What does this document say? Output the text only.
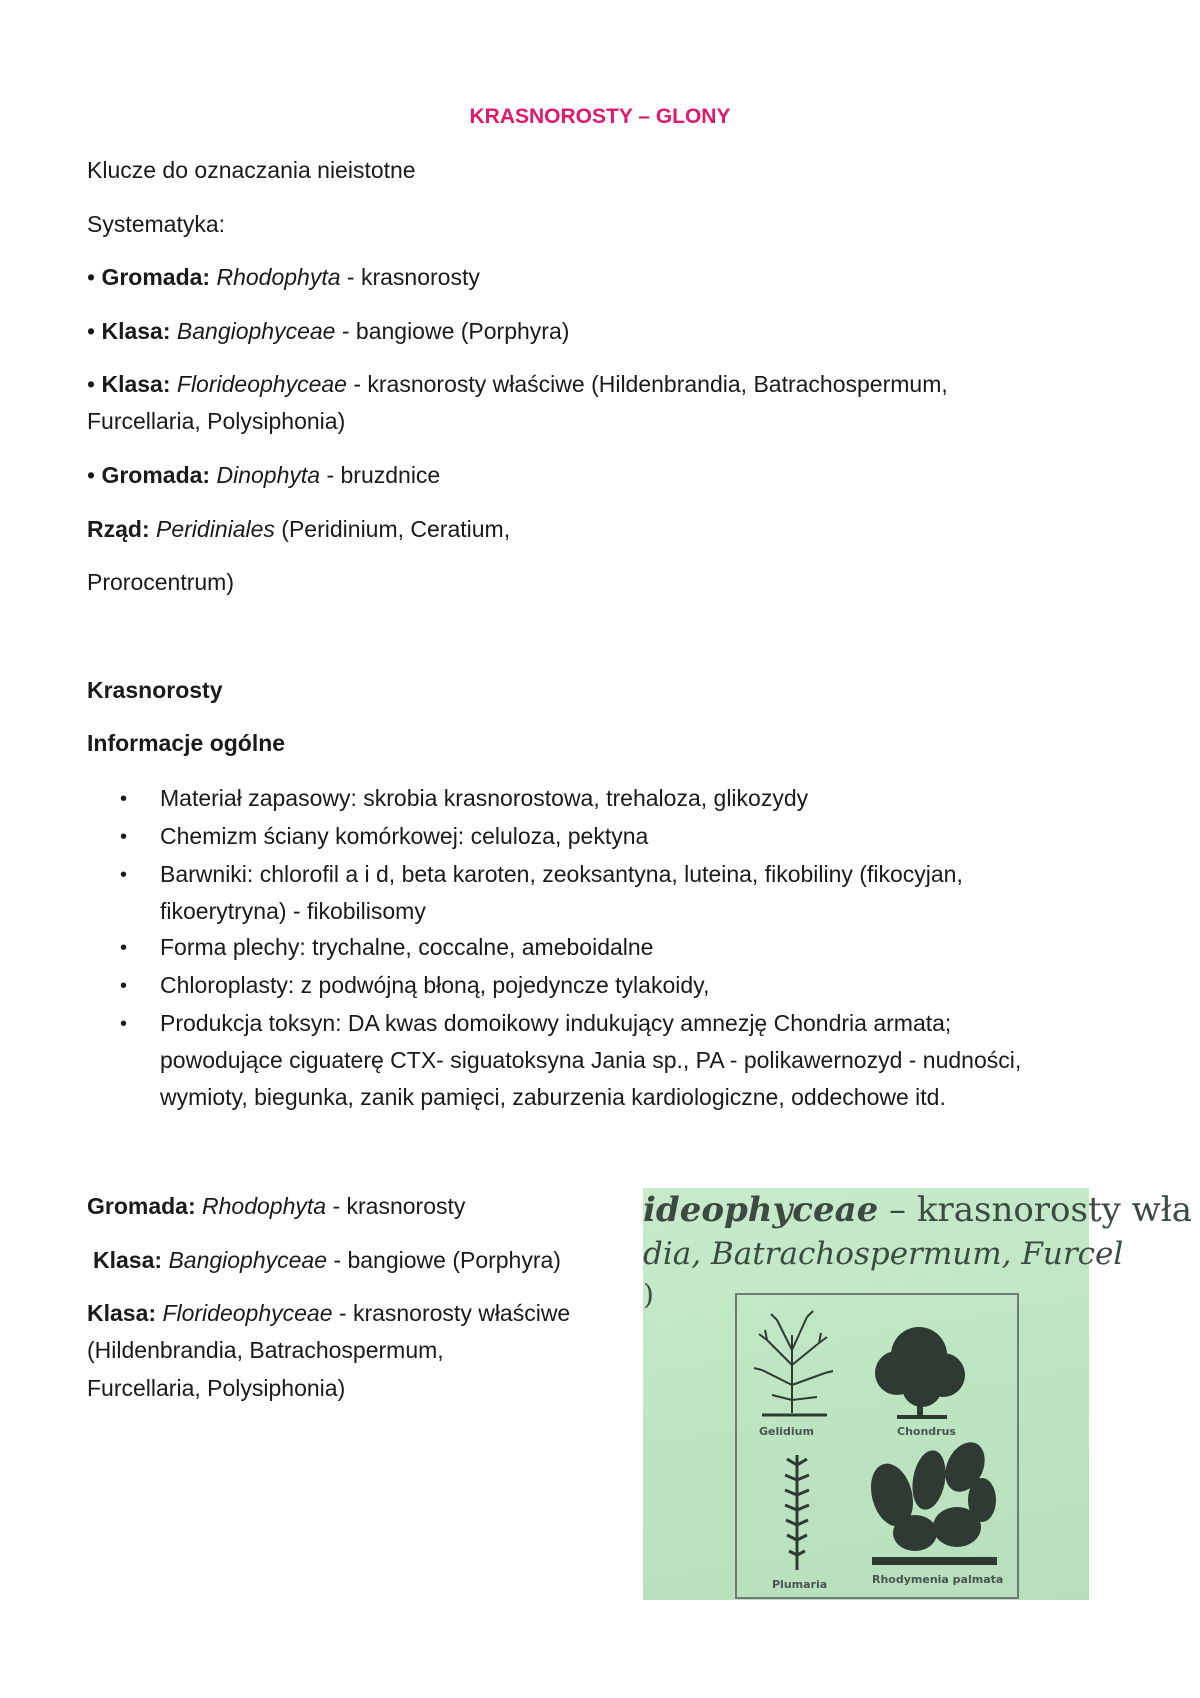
KRASNOROSTY – GLONY
Klucze do oznaczania nieistotne
Systematyka:
• Gromada: Rhodophyta - krasnorosty
• Klasa: Bangiophyceae - bangiowe (Porphyra)
• Klasa: Florideophyceae - krasnorosty właściwe (Hildenbrandia, Batrachospermum,
Furcellaria, Polysiphonia)
• Gromada: Dinophyta - bruzdnice
Rząd: Peridiniales (Peridinium, Ceratium,
Prorocentrum)
Krasnorosty
Informacje ogólne
• Materiał zapasowy: skrobia krasnorostowa, trehaloza, glikozydy
• Chemizm ściany komórkowej: celuloza, pektyna
• Barwniki: chlorofil a i d, beta karoten, zeoksantyna, luteina, fikobiliny (fikocyjan,
fikoerytryna) - fikobilisomy
• Forma plechy: trychalne, coccalne, ameboidalne
• Chloroplasty: z podwójną błoną, pojedyncze tylakoidy,
• Produkcja toksyn: DA kwas domoikowy indukujący amnezję Chondria armata;
powodujące ciguaterę CTX- siguatoksyna Jania sp., PA - polikawernozyd - nudności,
wymioty, biegunka, zanik pamięci, zaburzenia kardiologiczne, oddechowe itd.
Gromada: Rhodophyta - krasnorosty
Klasa: Bangiophyceae - bangiowe (Porphyra)
Klasa: Florideophyceae - krasnorosty właściwe
(Hildenbrandia, Batrachospermum,
Furcellaria, Polysiphonia)
ideophyceae – krasnorosty wła
dia, Batrachospermum, Furcel
)
Gelidium	Chondrus
Plumaria	Rhodymenia palmata
